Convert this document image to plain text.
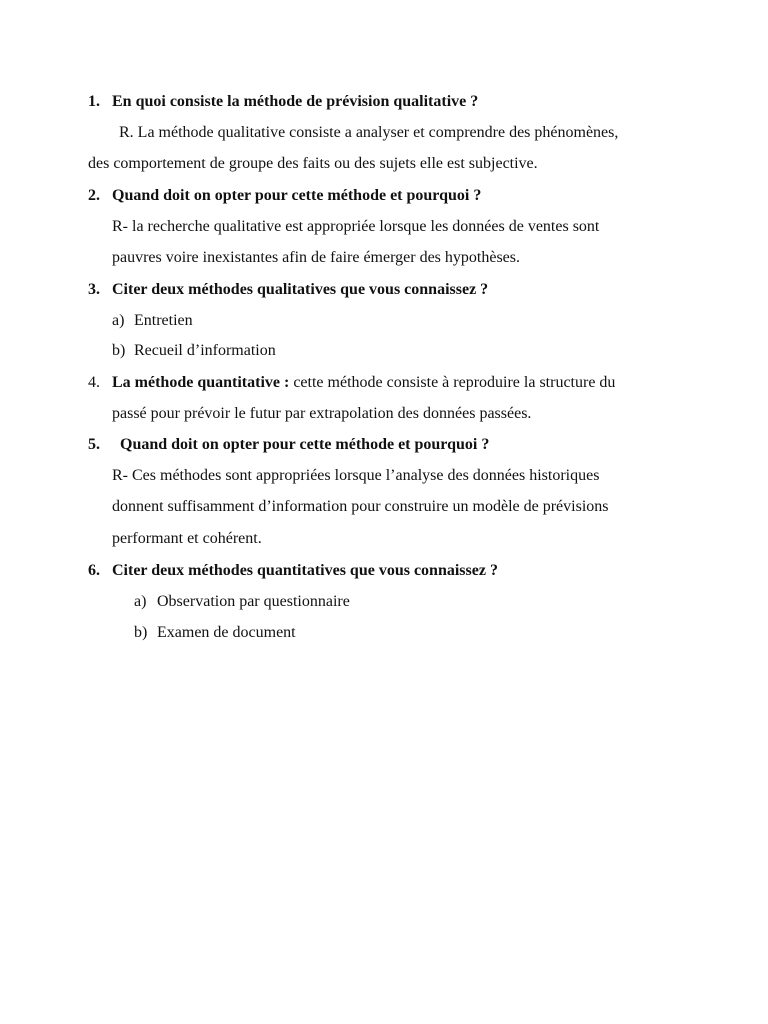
1. En quoi consiste la méthode de prévision qualitative ?
R. La méthode qualitative consiste a analyser et comprendre des phénomènes,
des comportement de groupe des faits ou des sujets elle est subjective.
2. Quand doit on opter pour cette méthode et pourquoi ?
R- la recherche qualitative est appropriée lorsque les données de ventes sont
pauvres voire inexistantes afin de faire émerger des hypothèses.
3. Citer deux méthodes qualitatives que vous connaissez ?
a) Entretien
b) Recueil d’information
4. La méthode quantitative : cette méthode consiste à reproduire la structure du
passé pour prévoir le futur par extrapolation des données passées.
5. Quand doit on opter pour cette méthode et pourquoi ?
R- Ces méthodes sont appropriées lorsque l’analyse des données historiques
donnent suffisamment d’information pour construire un modèle de prévisions
performant et cohérent.
6. Citer deux méthodes quantitatives que vous connaissez ?
a) Observation par questionnaire
b) Examen de document
